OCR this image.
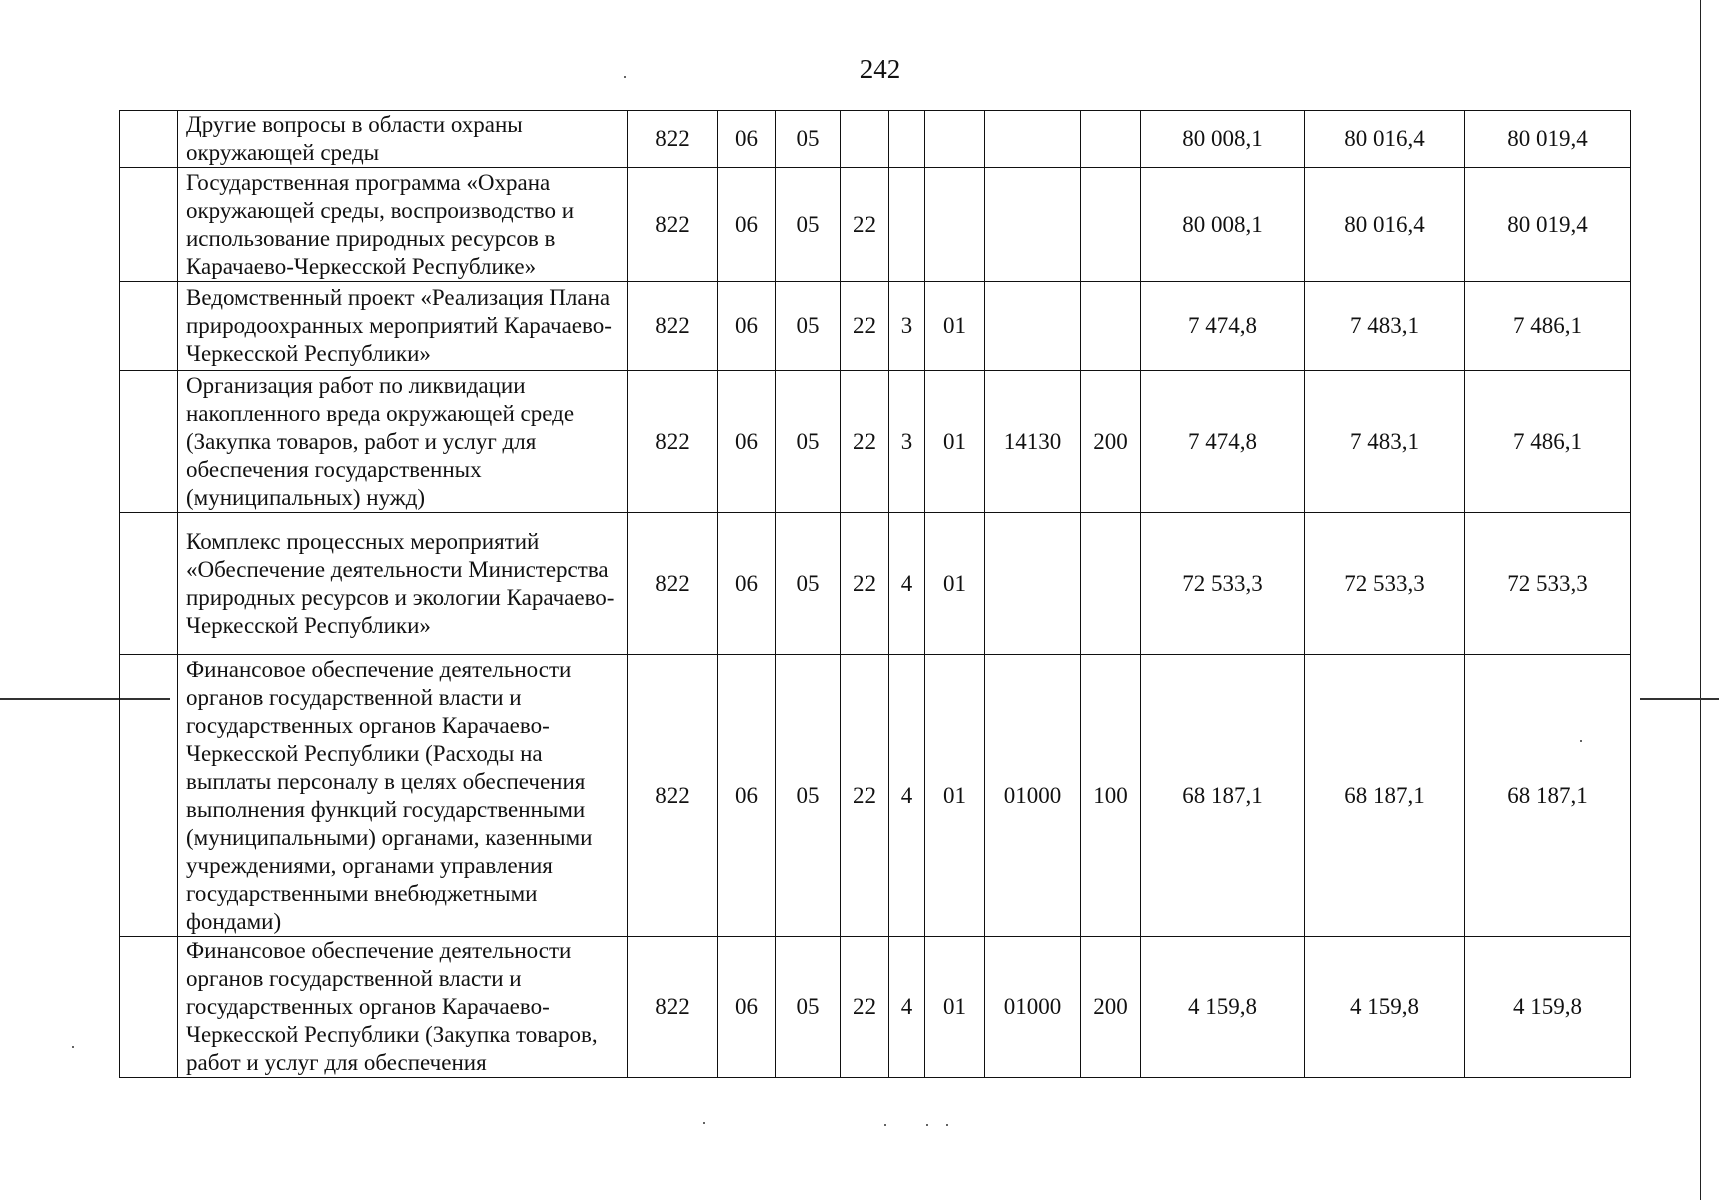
242
	Другие вопросы в области охраны окружающей среды	822	06	05						80 008,1	80 016,4	80 019,4
	Государственная программа «Охрана окружающей среды, воспроизводство и использование природных ресурсов в Карачаево-Черкесской Республике»	822	06	05	22					80 008,1	80 016,4	80 019,4
	Ведомственный проект «Реализация Плана природоохранных мероприятий Карачаево-Черкесской Республики»	822	06	05	22	3	01			7 474,8	7 483,1	7 486,1
	Организация работ по ликвидации накопленного вреда окружающей среде (Закупка товаров, работ и услуг для обеспечения государственных (муниципальных) нужд)	822	06	05	22	3	01	14130	200	7 474,8	7 483,1	7 486,1
	Комплекс процессных мероприятий «Обеспечение деятельности Министерства природных ресурсов и экологии Карачаево-Черкесской Республики»	822	06	05	22	4	01			72 533,3	72 533,3	72 533,3
	Финансовое обеспечение деятельности органов государственной власти и государственных органов Карачаево-Черкесской Республики (Расходы на выплаты персоналу в целях обеспечения выполнения функций государственными (муниципальными) органами, казенными учреждениями, органами управления государственными внебюджетными фондами)	822	06	05	22	4	01	01000	100	68 187,1	68 187,1	68 187,1
	Финансовое обеспечение деятельности органов государственной власти и государственных органов Карачаево-Черкесской Республики (Закупка товаров, работ и услуг для обеспечения	822	06	05	22	4	01	01000	200	4 159,8	4 159,8	4 159,8
